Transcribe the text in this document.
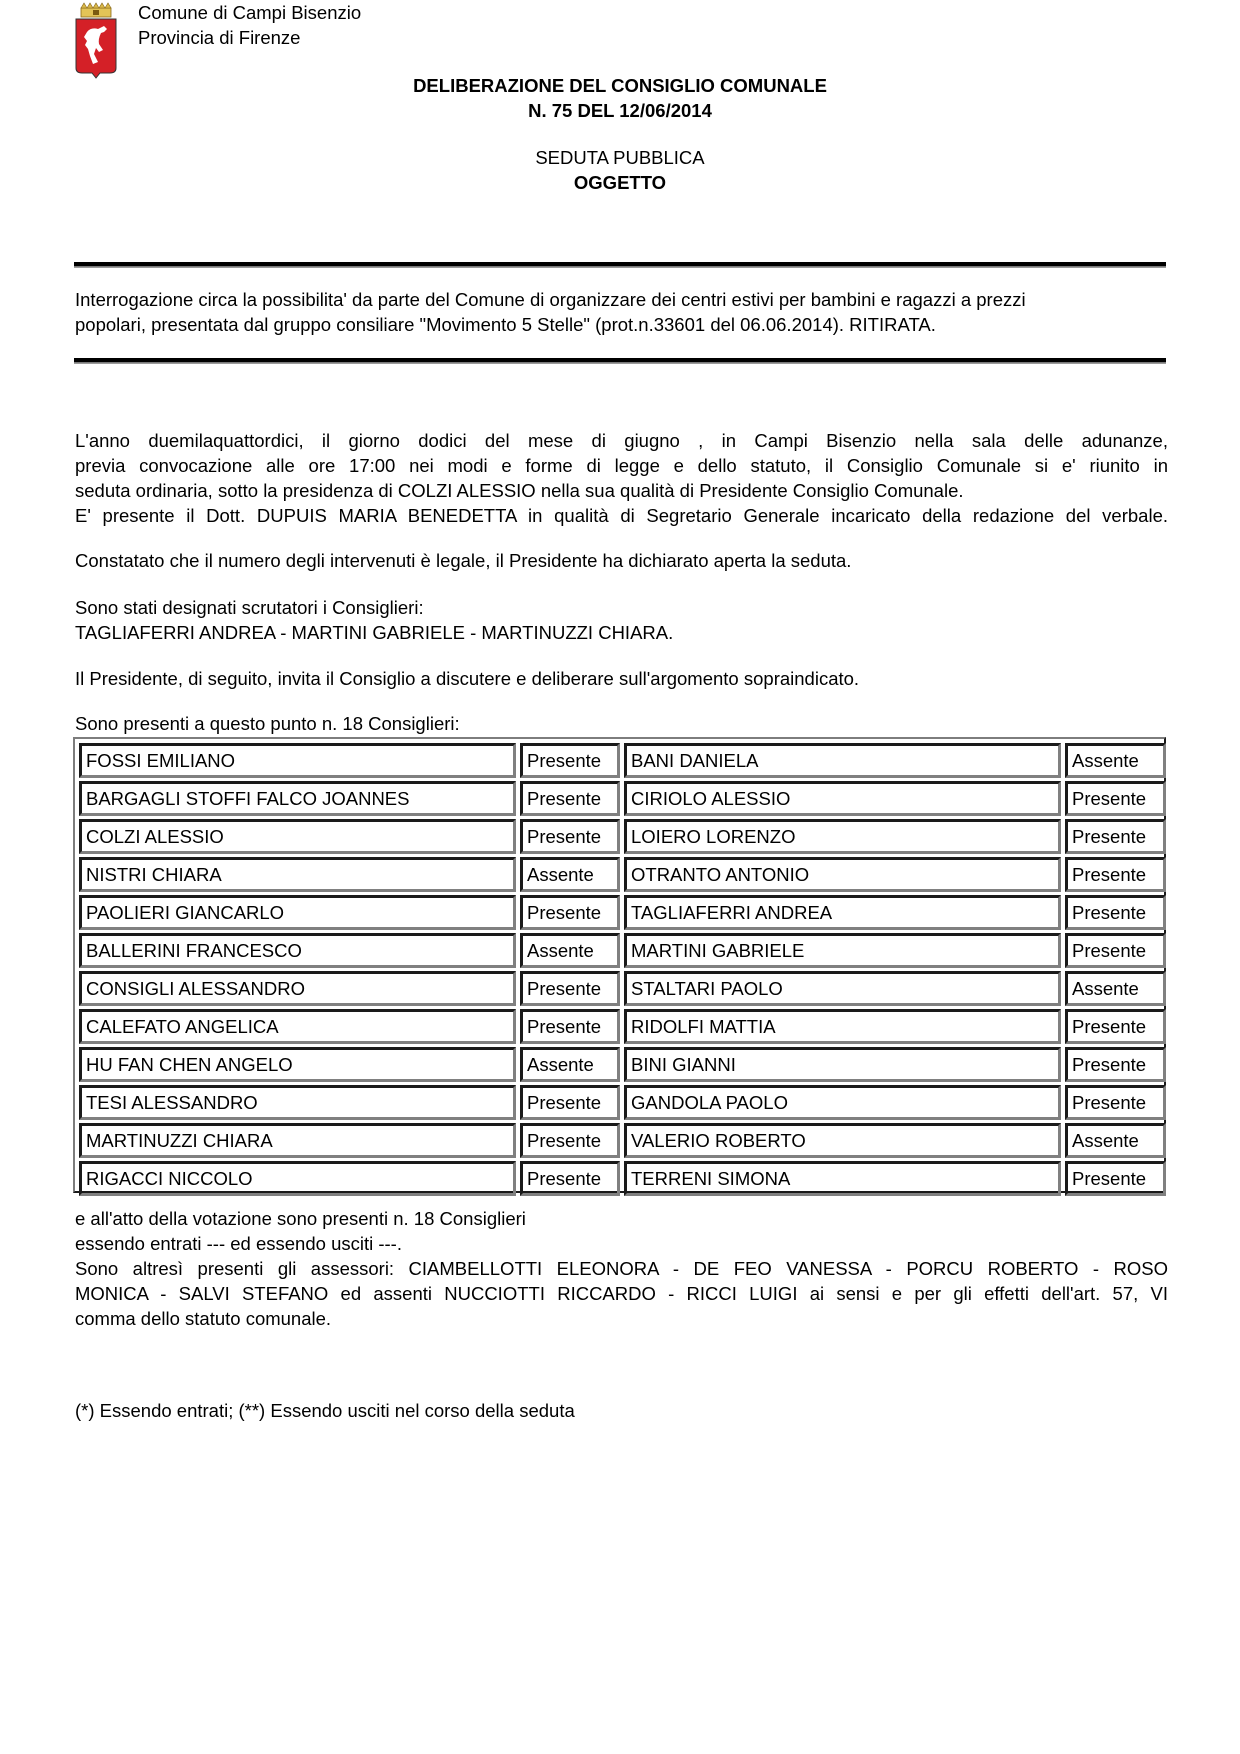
Comune di Campi Bisenzio
Provincia di Firenze
DELIBERAZIONE DEL CONSIGLIO COMUNALE
N. 75 DEL 12/06/2014
SEDUTA PUBBLICA
OGGETTO
Interrogazione circa la possibilita' da parte del Comune di organizzare dei centri estivi per bambini e ragazzi a prezzi
popolari, presentata dal gruppo consiliare "Movimento 5 Stelle" (prot.n.33601 del 06.06.2014). RITIRATA.
L'anno duemilaquattordici, il giorno dodici del mese di giugno , in Campi Bisenzio nella sala delle adunanze,
previa convocazione alle ore 17:00 nei modi e forme di legge e dello statuto, il Consiglio Comunale si e' riunito in
seduta ordinaria, sotto la presidenza di COLZI ALESSIO nella sua qualità di Presidente Consiglio Comunale.
E' presente il Dott. DUPUIS MARIA BENEDETTA in qualità di Segretario Generale incaricato della redazione del verbale.
Constatato che il numero degli intervenuti è legale, il Presidente ha dichiarato aperta la seduta.
Sono stati designati scrutatori i Consiglieri:
TAGLIAFERRI ANDREA - MARTINI GABRIELE - MARTINUZZI CHIARA.
Il Presidente, di seguito, invita il Consiglio a discutere e deliberare sull'argomento sopraindicato.
Sono presenti a questo punto n. 18 Consiglieri:
FOSSI EMILIANO	Presente	BANI DANIELA	Assente
BARGAGLI STOFFI FALCO JOANNES	Presente	CIRIOLO ALESSIO	Presente
COLZI ALESSIO	Presente	LOIERO LORENZO	Presente
NISTRI CHIARA	Assente	OTRANTO ANTONIO	Presente
PAOLIERI GIANCARLO	Presente	TAGLIAFERRI ANDREA	Presente
BALLERINI FRANCESCO	Assente	MARTINI GABRIELE	Presente
CONSIGLI ALESSANDRO	Presente	STALTARI PAOLO	Assente
CALEFATO ANGELICA	Presente	RIDOLFI MATTIA	Presente
HU FAN CHEN ANGELO	Assente	BINI GIANNI	Presente
TESI ALESSANDRO	Presente	GANDOLA PAOLO	Presente
MARTINUZZI CHIARA	Presente	VALERIO ROBERTO	Assente
RIGACCI NICCOLO	Presente	TERRENI SIMONA	Presente
e all'atto della votazione sono presenti n. 18 Consiglieri
essendo entrati --- ed essendo usciti ---.
Sono altresì presenti gli assessori: CIAMBELLOTTI ELEONORA - DE FEO VANESSA - PORCU ROBERTO - ROSO
MONICA - SALVI STEFANO ed assenti NUCCIOTTI RICCARDO - RICCI LUIGI ai sensi e per gli effetti dell'art. 57, VI
comma dello statuto comunale.
(*) Essendo entrati; (**) Essendo usciti nel corso della seduta
